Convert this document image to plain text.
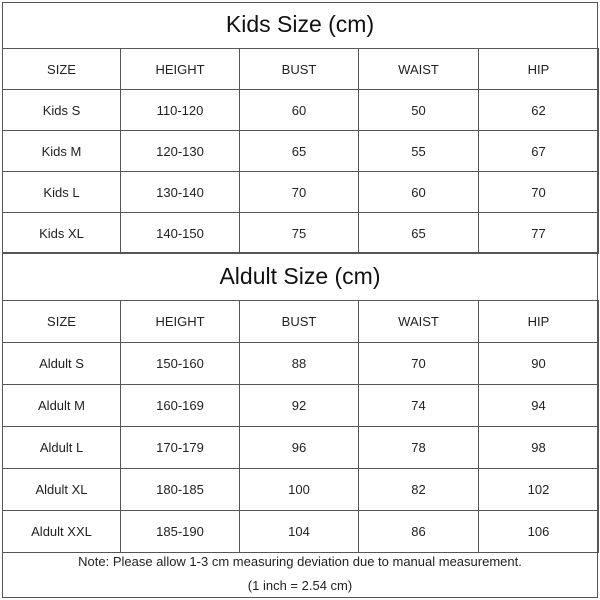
Kids Size (cm)
SIZE	HEIGHT	BUST	WAIST	HIP
Kids S	110-120	60	50	62
Kids M	120-130	65	55	67
Kids L	130-140	70	60	70
Kids XL	140-150	75	65	77
Aldult Size (cm)
SIZE	HEIGHT	BUST	WAIST	HIP
Aldult S	150-160	88	70	90
Aldult M	160-169	92	74	94
Aldult L	170-179	96	78	98
Aldult XL	180-185	100	82	102
Aldult XXL	185-190	104	86	106

Note: Please allow 1-3 cm measuring deviation due to manual measurement.

(1 inch = 2.54 cm)
